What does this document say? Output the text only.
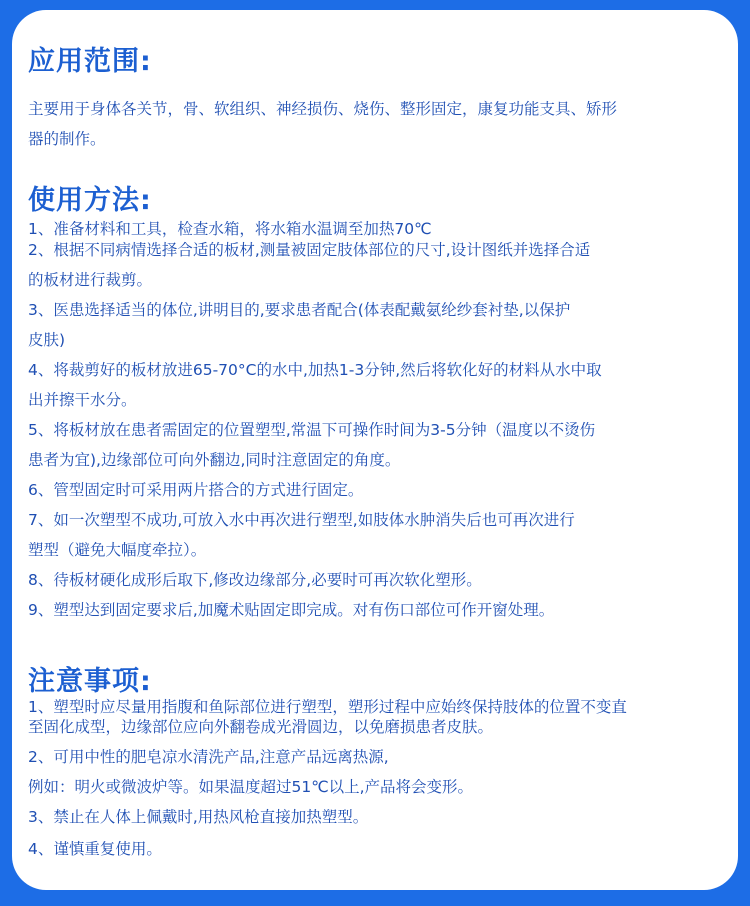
应用范围:

主要用于身体各关节，骨、软组织、神经损伤、烧伤、整形固定，康复功能支具、矫形

器的制作。

使用方法:

1、准备材料和工具，检查水箱，将水箱水温调至加热70℃

2、根据不同病情选择合适的板材,测量被固定肢体部位的尺寸,设计图纸并选择合适

的板材进行裁剪。

3、医患选择适当的体位,讲明目的,要求患者配合(体表配戴氨纶纱套衬垫,以保护

皮肤)

4、将裁剪好的板材放进65-70°C的水中,加热1-3分钟,然后将软化好的材料从水中取

出并擦干水分。

5、将板材放在患者需固定的位置塑型,常温下可操作时间为3-5分钟（温度以不烫伤

患者为宜),边缘部位可向外翻边,同时注意固定的角度。

6、管型固定时可采用两片搭合的方式进行固定。

7、如一次塑型不成功,可放入水中再次进行塑型,如肢体水肿消失后也可再次进行

塑型（避免大幅度牵拉）。

8、待板材硬化成形后取下,修改边缘部分,必要时可再次软化塑形。

9、塑型达到固定要求后,加魔术贴固定即完成。对有伤口部位可作开窗处理。

注意事项:

1、塑型时应尽量用指腹和鱼际部位进行塑型，塑形过程中应始终保持肢体的位置不变直

至固化成型，边缘部位应向外翻卷成光滑圆边，以免磨损患者皮肤。

2、可用中性的肥皂凉水清洗产品,注意产品远离热源,

例如：明火或微波炉等。如果温度超过51℃以上,产品将会变形。

3、禁止在人体上佩戴时,用热风枪直接加热塑型。

4、谨慎重复使用。
